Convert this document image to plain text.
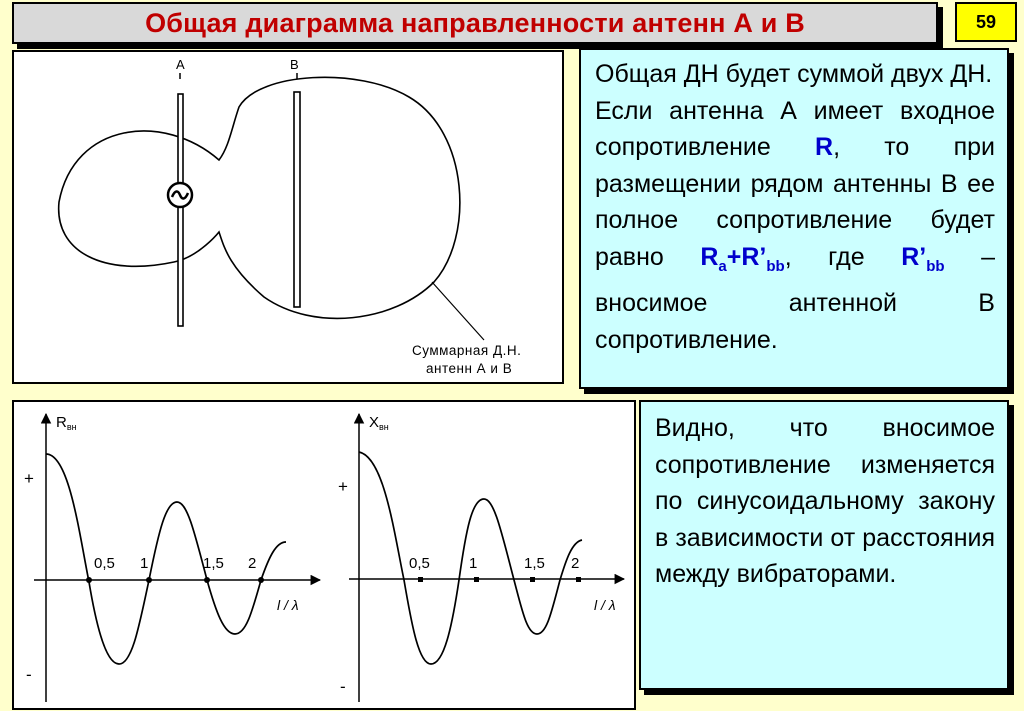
Общая диаграмма направленности антенн А и В	59
А	В
Суммарная Д.Н.
антенн А и В

Общая ДН будет суммой двух ДН.

Если антенна А имеет входное сопротивление R, то при размещении рядом антенны В ее полное сопротивление будет равно $R_a+R’_{bb}$, где $R’_{bb}$ – вносимое антенной В сопротивление.

0,5 1	1,5 2
$R_{вн}$
+
-
l / λ
0,5	1	1,5 2
$X_{вн}$
+
-
l / λ

Видно, что вносимое сопротивление изменяется по синусоидальному закону в зависимости от расстояния между вибраторами.
